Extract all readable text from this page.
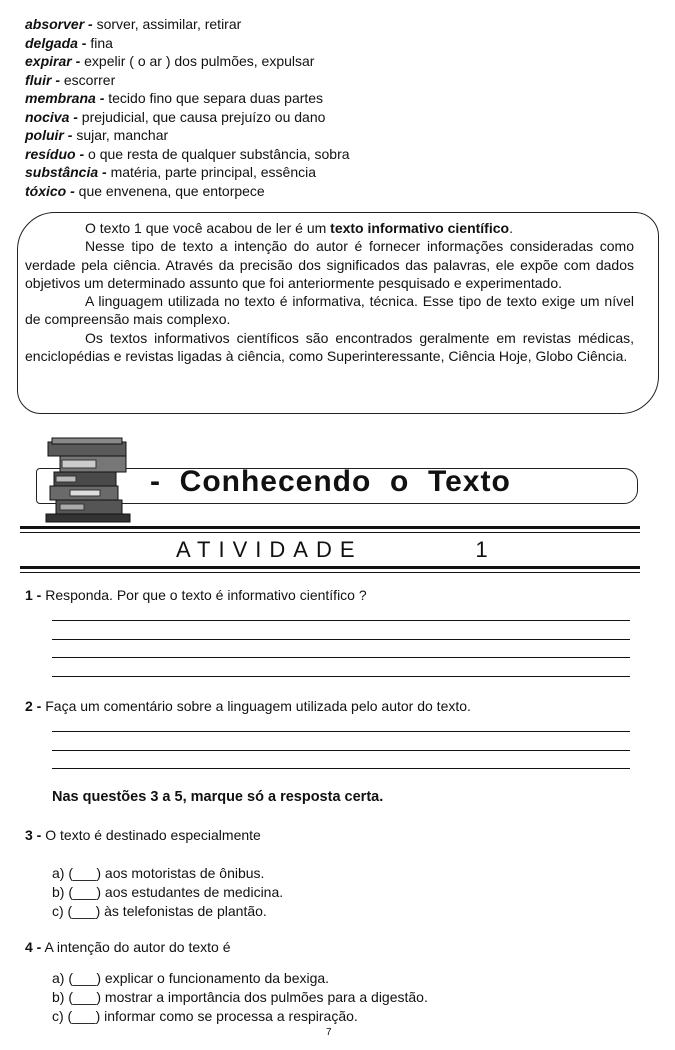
absorver - sorver, assimilar, retirar
delgada - fina
expirar - expelir ( o ar ) dos pulmões, expulsar
fluir - escorrer
membrana - tecido fino que separa duas partes
nociva - prejudicial, que causa prejuízo ou dano
poluir - sujar, manchar
resíduo - o que resta de qualquer substância, sobra
substância - matéria, parte principal, essência
tóxico - que envenena, que entorpece

O texto 1 que você acabou de ler é um texto informativo científico.

Nesse tipo de texto a intenção do autor é fornecer informações consideradas como verdade pela ciência. Através da precisão dos significados das palavras, ele expõe com dados objetivos um determinado assunto que foi anteriormente pesquisado e experimentado.

A linguagem utilizada no texto é informativa, técnica. Esse tipo de texto exige um nível de compreensão mais complexo.

Os textos informativos científicos são encontrados geralmente em revistas médicas, enciclopédias e revistas ligadas à ciência, como Superinteressante, Ciência Hoje, Globo Ciência.

-  Conhecendo  o  Texto
ATIVIDADE        1
1 - Responda. Por que o texto é informativo científico ?
2 - Faça um comentário sobre a linguagem utilizada pelo autor do texto.
Nas questões 3 a 5, marque só a resposta certa.
3 - O texto é destinado especialmente
a) (___) aos motoristas de ônibus.
b) (___) aos estudantes de medicina.
c) (___) às telefonistas de plantão.
4 - A intenção do autor do texto é
a) (___) explicar o funcionamento da bexiga.
b) (___) mostrar a importância dos pulmões para a digestão.
c) (___) informar como se processa a respiração.
7
